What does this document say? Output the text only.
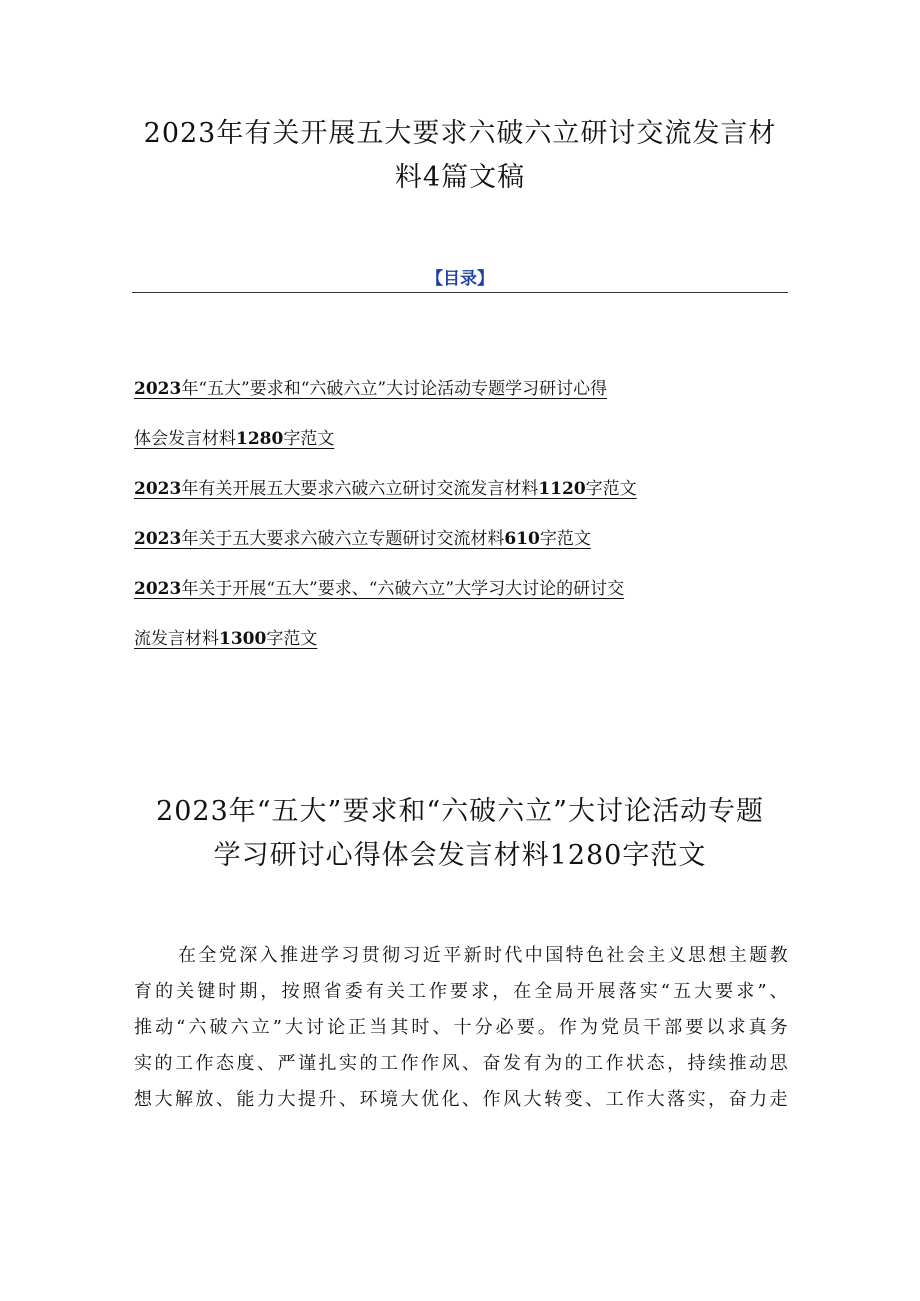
2023年有关开展五大要求六破六立研讨交流发言材
料4篇文稿
【目录】
2023年“五大”要求和“六破六立”大讨论活动专题学习研讨心得
体会发言材料1280字范文
2023年有关开展五大要求六破六立研讨交流发言材料1120字范文
2023年关于五大要求六破六立专题研讨交流材料610字范文
2023年关于开展“五大”要求、“六破六立”大学习大讨论的研讨交
流发言材料1300字范文
2023年“五大”要求和“六破六立”大讨论活动专题
学习研讨心得体会发言材料1280字范文
在全党深入推进学习贯彻习近平新时代中国特色社会主义思想主题教
育的关键时期，按照省委有关工作要求，在全局开展落实“五大要求”、
推动“六破六立”大讨论正当其时、十分必要。作为党员干部要以求真务
实的工作态度、严谨扎实的工作作风、奋发有为的工作状态，持续推动思
想大解放、能力大提升、环境大优化、作风大转变、工作大落实，奋力走
